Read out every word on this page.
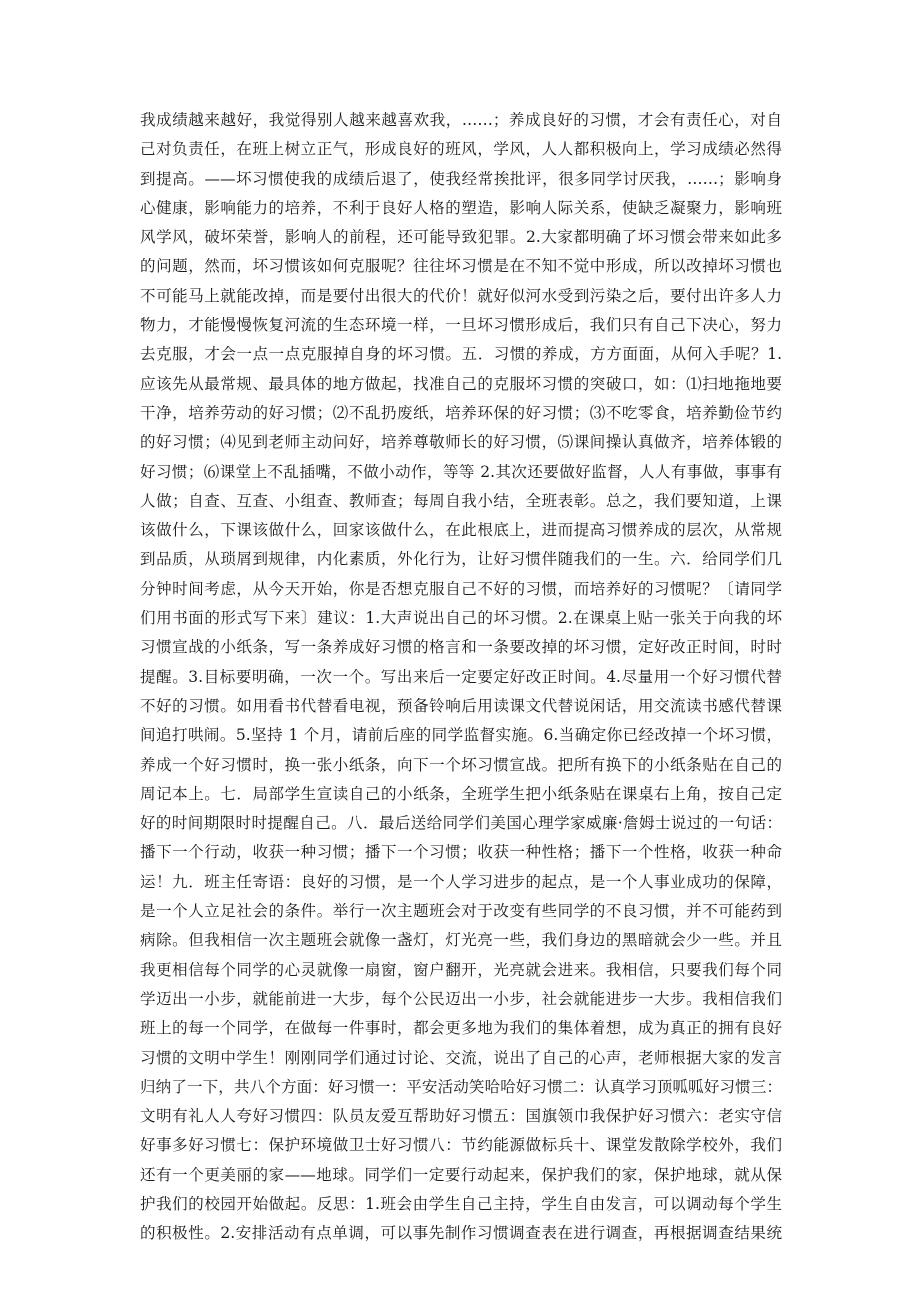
我成绩越来越好，我觉得别人越来越喜欢我，……；养成良好的习惯，才会有责任心，对自
己对负责任，在班上树立正气，形成良好的班风，学风，人人都积极向上，学习成绩必然得
到提高。——坏习惯使我的成绩后退了，使我经常挨批评，很多同学讨厌我，……；影响身
心健康，影响能力的培养，不利于良好人格的塑造，影响人际关系，使缺乏凝聚力，影响班
风学风，破坏荣誉，影响人的前程，还可能导致犯罪。2.大家都明确了坏习惯会带来如此多
的问题，然而，坏习惯该如何克服呢？往往坏习惯是在不知不觉中形成，所以改掉坏习惯也
不可能马上就能改掉，而是要付出很大的代价！就好似河水受到污染之后，要付出许多人力
物力，才能慢慢恢复河流的生态环境一样，一旦坏习惯形成后，我们只有自己下决心，努力
去克服，才会一点一点克服掉自身的坏习惯。五．习惯的养成，方方面面，从何入手呢？1.
应该先从最常规、最具体的地方做起，找准自己的克服坏习惯的突破口，如：⑴扫地拖地要
干净，培养劳动的好习惯；⑵不乱扔废纸，培养环保的好习惯；⑶不吃零食，培养勤俭节约
的好习惯；⑷见到老师主动问好，培养尊敬师长的好习惯，⑸课间操认真做齐，培养体锻的
好习惯；⑹课堂上不乱插嘴，不做小动作，等等 2.其次还要做好监督，人人有事做，事事有
人做；自查、互查、小组查、教师查；每周自我小结，全班表彰。总之，我们要知道，上课
该做什么，下课该做什么，回家该做什么，在此根底上，进而提高习惯养成的层次，从常规
到品质，从琐屑到规律，内化素质，外化行为，让好习惯伴随我们的一生。六．给同学们几
分钟时间考虑，从今天开始，你是否想克服自己不好的习惯，而培养好的习惯呢？〔请同学
们用书面的形式写下来〕建议：1.大声说出自己的坏习惯。2.在课桌上贴一张关于向我的坏
习惯宣战的小纸条，写一条养成好习惯的格言和一条要改掉的坏习惯，定好改正时间，时时
提醒。3.目标要明确，一次一个。写出来后一定要定好改正时间。4.尽量用一个好习惯代替
不好的习惯。如用看书代替看电视，预备铃响后用读课文代替说闲话，用交流读书感代替课
间追打哄闹。5.坚持 1 个月，请前后座的同学监督实施。6.当确定你已经改掉一个坏习惯，
养成一个好习惯时，换一张小纸条，向下一个坏习惯宣战。把所有换下的小纸条贴在自己的
周记本上。七．局部学生宣读自己的小纸条，全班学生把小纸条贴在课桌右上角，按自己定
好的时间期限时时提醒自己。八．最后送给同学们美国心理学家威廉·詹姆士说过的一句话：
播下一个行动，收获一种习惯；播下一个习惯；收获一种性格；播下一个性格，收获一种命
运！九．班主任寄语：良好的习惯，是一个人学习进步的起点，是一个人事业成功的保障，
是一个人立足社会的条件。举行一次主题班会对于改变有些同学的不良习惯，并不可能药到
病除。但我相信一次主题班会就像一盏灯，灯光亮一些，我们身边的黑暗就会少一些。并且
我更相信每个同学的心灵就像一扇窗，窗户翻开，光亮就会进来。我相信，只要我们每个同
学迈出一小步，就能前进一大步，每个公民迈出一小步，社会就能进步一大步。我相信我们
班上的每一个同学，在做每一件事时，都会更多地为我们的集体着想，成为真正的拥有良好
习惯的文明中学生！刚刚同学们通过讨论、交流，说出了自己的心声，老师根据大家的发言
归纳了一下，共八个方面：好习惯一：平安活动笑哈哈好习惯二：认真学习顶呱呱好习惯三：
文明有礼人人夸好习惯四：队员友爱互帮助好习惯五：国旗领巾我保护好习惯六：老实守信
好事多好习惯七：保护环境做卫士好习惯八：节约能源做标兵十、课堂发散除学校外，我们
还有一个更美丽的家——地球。同学们一定要行动起来，保护我们的家，保护地球，就从保
护我们的校园开始做起。反思：1.班会由学生自己主持，学生自由发言，可以调动每个学生
的积极性。2.安排活动有点单调，可以事先制作习惯调查表在进行调查，再根据调查结果统
